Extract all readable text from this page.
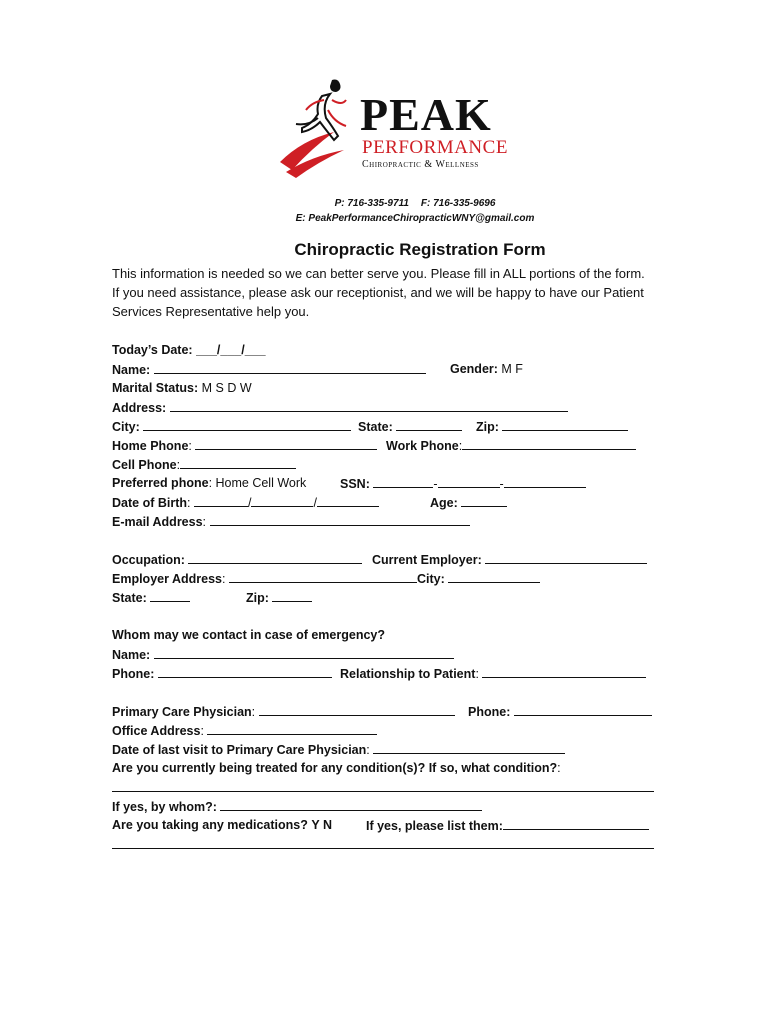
PEAK
PERFORMANCE
Chiropractic & Wellness
P: 716-335-9711 F: 716-335-9696
E: PeakPerformanceChiropracticWNY@gmail.com
Chiropractic Registration Form
This information is needed so we can better serve you. Please fill in ALL portions of the form. If you need assistance, please ask our receptionist, and we will be happy to have our Patient Services Representative help you.
Today’s Date: ___/___/___
Name:	Gender: M F
Marital Status: M S D W
Address:
City:	State:	Zip:
Home Phone:	Work Phone:
Cell Phone:
Preferred phone: Home Cell Work	SSN:	-	-
Date of Birth:	/	/	Age:
E-mail Address:
Occupation:	Current Employer:
Employer Address:	City:
State:	Zip:
Whom may we contact in case of emergency?
Name:
Phone:	Relationship to Patient:
Primary Care Physician:	Phone:
Office Address:
Date of last visit to Primary Care Physician:
Are you currently being treated for any condition(s)? If so, what condition?:
If yes, by whom?:
Are you taking any medications? Y N	If yes, please list them:
